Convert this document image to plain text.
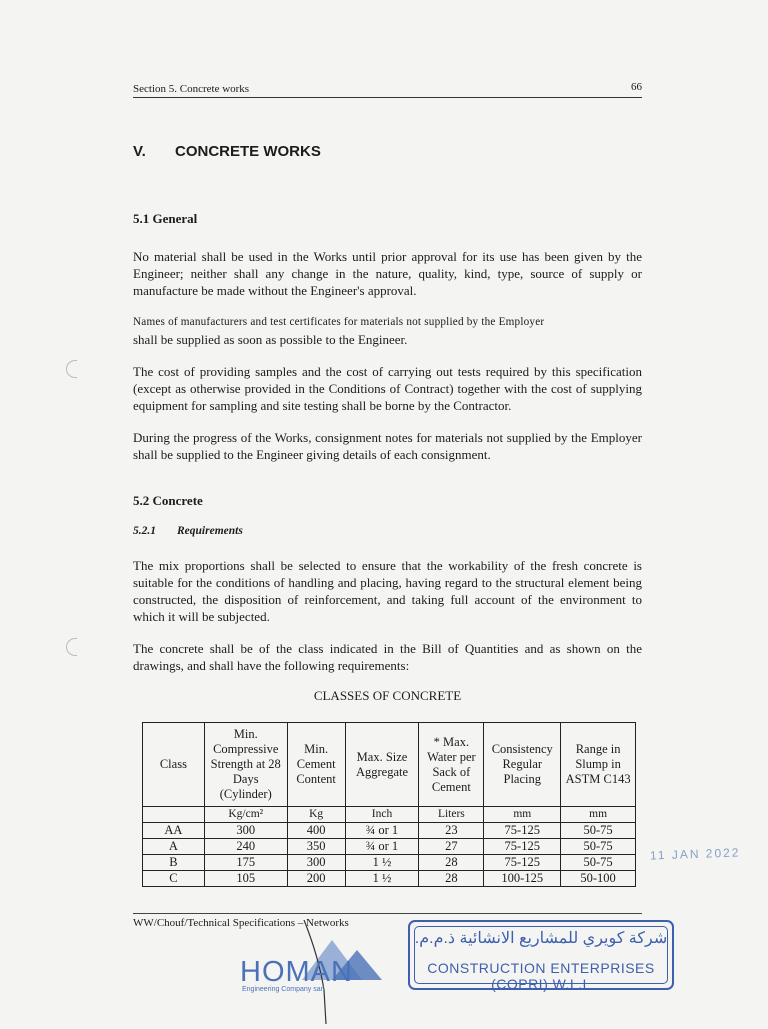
Section 5. Concrete works	66
V. CONCRETE WORKS
5.1 General
No material shall be used in the Works until prior approval for its use has been given by the Engineer; neither shall any change in the nature, quality, kind, type, source of supply or manufacture be made without the Engineer's approval.
Names of manufacturers and test certificates for materials not supplied by the Employer
shall be supplied as soon as possible to the Engineer.
The cost of providing samples and the cost of carrying out tests required by this specification (except as otherwise provided in the Conditions of Contract) together with the cost of supplying equipment for sampling and site testing shall be borne by the Contractor.
During the progress of the Works, consignment notes for materials not supplied by the Employer shall be supplied to the Engineer giving details of each consignment.
5.2 Concrete
5.2.1 Requirements
The mix proportions shall be selected to ensure that the workability of the fresh concrete is suitable for the conditions of handling and placing, having regard to the structural element being constructed, the disposition of reinforcement, and taking full account of the environment to which it will be subjected.
The concrete shall be of the class indicated in the Bill of Quantities and as shown on the drawings, and shall have the following requirements:
CLASSES OF CONCRETE
Class	Min. Compressive Strength at 28 Days (Cylinder)	Min. Cement Content	Max. Size Aggregate	* Max. Water per Sack of Cement	Consistency Regular Placing	Range in Slump in ASTM C143
	Kg/cm²	Kg	Inch	Liters	mm	mm
AA	300	400	¾ or 1	23	75-125	50-75
A	240	350	¾ or 1	27	75-125	50-75
B	175	300	1 ½	28	75-125	50-75
C	105	200	1 ½	28	100-125	50-100
11 JAN 2022
WW/Chouf/Technical Specifications – Networks
HOMAN
Engineering Company sarl
شركة كويري للمشاريع الانشائية ذ.م.م.
CONSTRUCTION ENTERPRISES (COPRI) W.L.L
